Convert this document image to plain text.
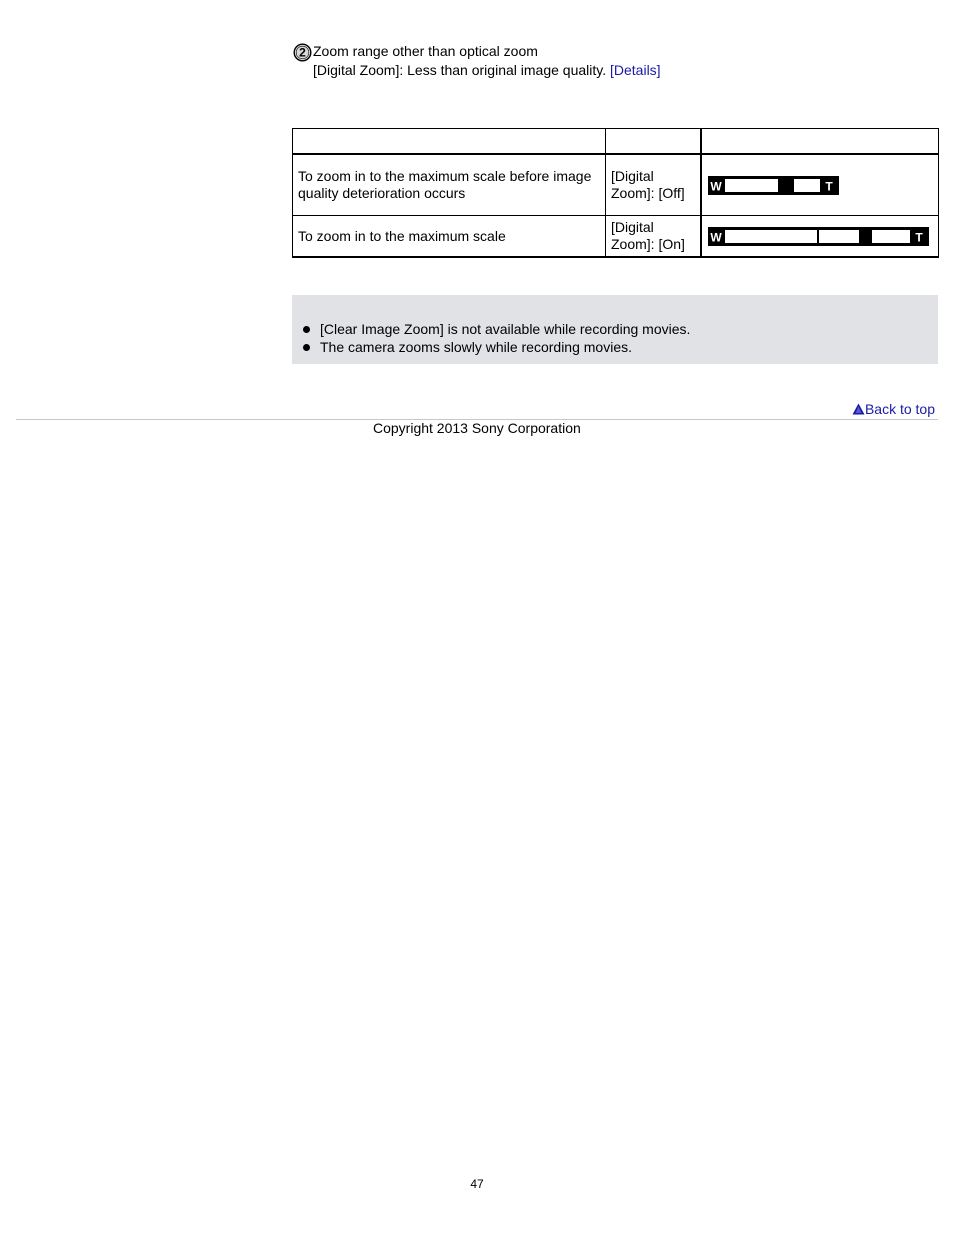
2 Zoom range other than optical zoom
[Digital Zoom]: Less than original image quality. [Details]

To zoom in to the maximum scale before image quality deterioration occurs	[Digital Zoom]: [Off]	W T

To zoom in to the maximum scale	[Digital Zoom]: [On]	W T
[Clear Image Zoom] is not available while recording movies.
The camera zooms slowly while recording movies.
Back to top
Copyright 2013 Sony Corporation
47
